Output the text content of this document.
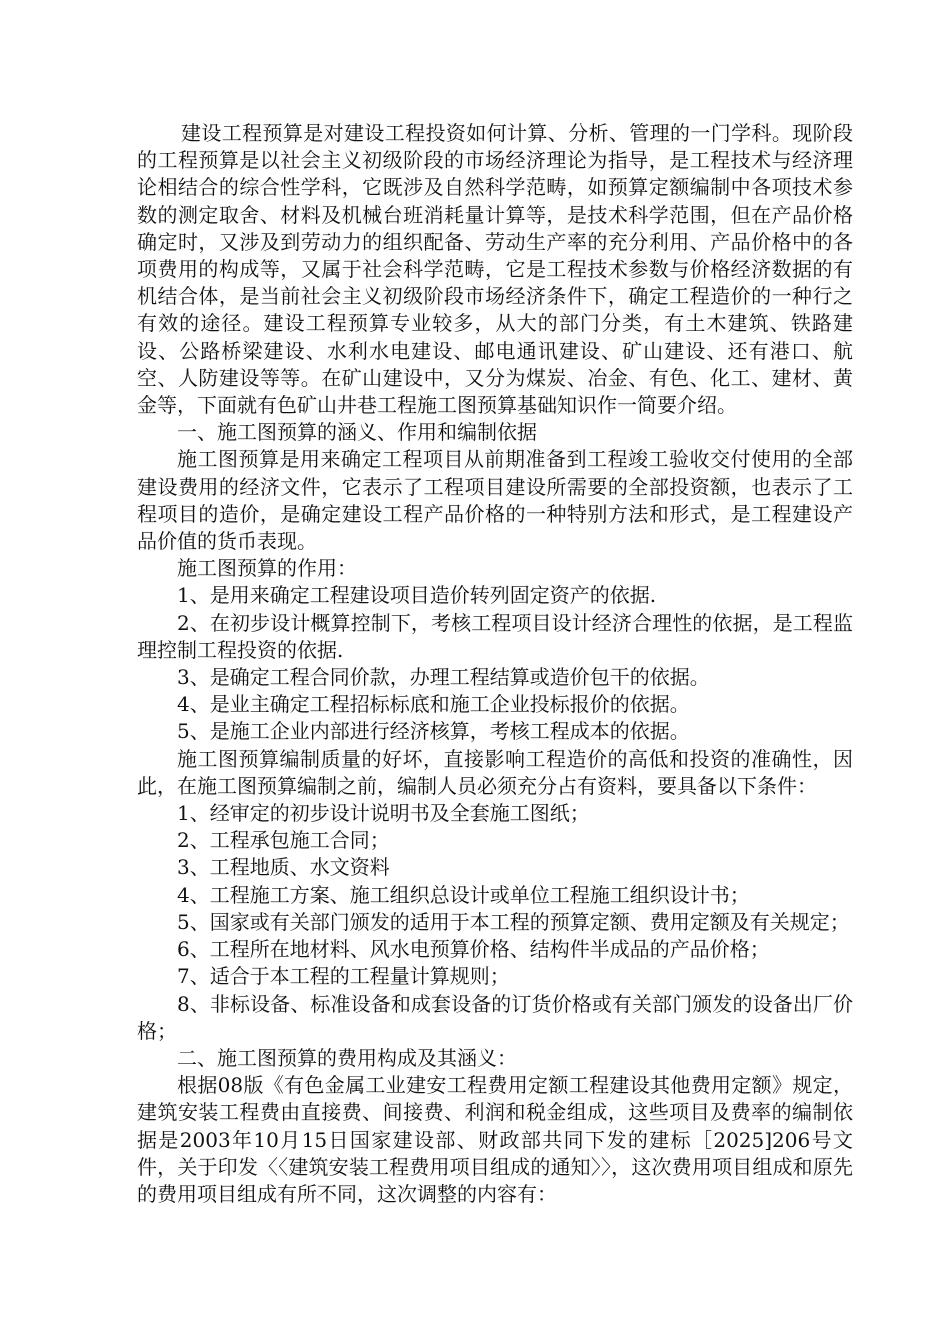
建设工程预算是对建设工程投资如何计算、分析、管理的一门学科。现阶段的工程预算是以社会主义初级阶段的市场经济理论为指导，是工程技术与经济理论相结合的综合性学科，它既涉及自然科学范畴，如预算定额编制中各项技术参数的测定取舍、材料及机械台班消耗量计算等，是技术科学范围，但在产品价格确定时，又涉及到劳动力的组织配备、劳动生产率的充分利用、产品价格中的各项费用的构成等，又属于社会科学范畴，它是工程技术参数与价格经济数据的有机结合体，是当前社会主义初级阶段市场经济条件下，确定工程造价的一种行之有效的途径。建设工程预算专业较多，从大的部门分类，有土木建筑、铁路建设、公路桥梁建设、水利水电建设、邮电通讯建设、矿山建设、还有港口、航空、人防建设等等。在矿山建设中，又分为煤炭、冶金、有色、化工、建材、黄金等，下面就有色矿山井巷工程施工图预算基础知识作一简要介绍。

一、施工图预算的涵义、作用和编制依据

施工图预算是用来确定工程项目从前期准备到工程竣工验收交付使用的全部建设费用的经济文件，它表示了工程项目建设所需要的全部投资额，也表示了工程项目的造价，是确定建设工程产品价格的一种特别方法和形式，是工程建设产品价值的货币表现。

施工图预算的作用：

1、是用来确定工程建设项目造价转列固定资产的依据.

2、在初步设计概算控制下，考核工程项目设计经济合理性的依据，是工程监理控制工程投资的依据.

3、是确定工程合同价款，办理工程结算或造价包干的依据。

4、是业主确定工程招标标底和施工企业投标报价的依据。

5、是施工企业内部进行经济核算，考核工程成本的依据。

施工图预算编制质量的好坏，直接影响工程造价的高低和投资的准确性，因此，在施工图预算编制之前，编制人员必须充分占有资料，要具备以下条件：

1、经审定的初步设计说明书及全套施工图纸；

2、工程承包施工合同；

3、工程地质、水文资料

4、工程施工方案、施工组织总设计或单位工程施工组织设计书；

5、国家或有关部门颁发的适用于本工程的预算定额、费用定额及有关规定；

6、工程所在地材料、风水电预算价格、结构件半成品的产品价格；

7、适合于本工程的工程量计算规则；

8、非标设备、标准设备和成套设备的订货价格或有关部门颁发的设备出厂价格；

二、施工图预算的费用构成及其涵义：

根据08版《有色金属工业建安工程费用定额工程建设其他费用定额》规定，建筑安装工程费由直接费、间接费、利润和税金组成，这些项目及费率的编制依据是2003年10月15日国家建设部、财政部共同下发的建标［2025]206号文件，关于印发〈〈建筑安装工程费用项目组成的通知〉〉，这次费用项目组成和原先的费用项目组成有所不同，这次调整的内容有：
